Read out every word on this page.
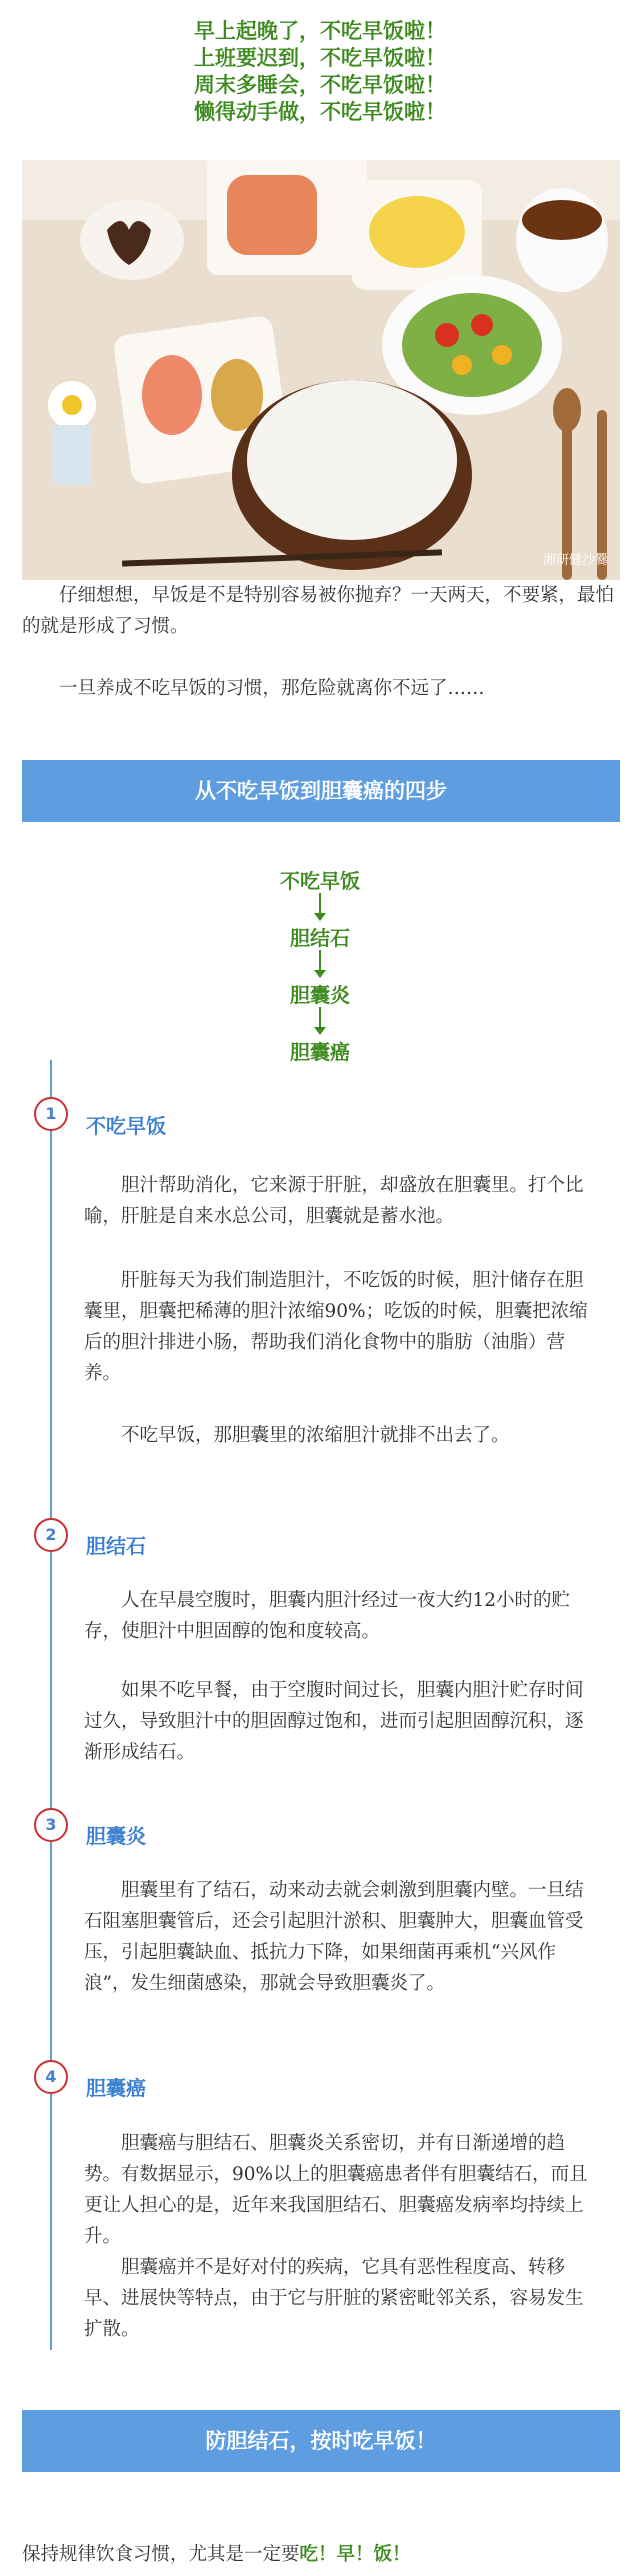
早上起晚了，不吃早饭啦！
上班要迟到，不吃早饭啦！
周末多睡会，不吃早饭啦！
懒得动手做，不吃早饭啦！
湘研健沙爨

仔细想想，早饭是不是特别容易被你抛弃？一天两天，不要紧，最怕的就是形成了习惯。

一旦养成不吃早饭的习惯，那危险就离你不远了……

从不吃早饭到胆囊癌的四步
不吃早饭
胆结石
胆囊炎
胆囊癌
1
不吃早饭

胆汁帮助消化，它来源于肝脏，却盛放在胆囊里。打个比喻，肝脏是自来水总公司，胆囊就是蓄水池。

肝脏每天为我们制造胆汁，不吃饭的时候，胆汁储存在胆囊里，胆囊把稀薄的胆汁浓缩90%；吃饭的时候，胆囊把浓缩后的胆汁排进小肠，帮助我们消化食物中的脂肪（油脂）营养。

不吃早饭，那胆囊里的浓缩胆汁就排不出去了。

2	胆结石

人在早晨空腹时，胆囊内胆汁经过一夜大约12小时的贮存，使胆汁中胆固醇的饱和度较高。

如果不吃早餐，由于空腹时间过长，胆囊内胆汁贮存时间过久，导致胆汁中的胆固醇过饱和，进而引起胆固醇沉积，逐渐形成结石。

3	胆囊炎

胆囊里有了结石，动来动去就会刺激到胆囊内壁。一旦结石阻塞胆囊管后，还会引起胆汁淤积、胆囊肿大，胆囊血管受压，引起胆囊缺血、抵抗力下降，如果细菌再乘机“兴风作浪”，发生细菌感染，那就会导致胆囊炎了。

4	胆囊癌

胆囊癌与胆结石、胆囊炎关系密切，并有日渐递增的趋势。有数据显示，90%以上的胆囊癌患者伴有胆囊结石，而且更让人担心的是，近年来我国胆结石、胆囊癌发病率均持续上升。

胆囊癌并不是好对付的疾病，它具有恶性程度高、转移早、进展快等特点，由于它与肝脏的紧密毗邻关系，容易发生扩散。

防胆结石，按时吃早饭！
保持规律饮食习惯，尤其是一定要吃！早！饭！
